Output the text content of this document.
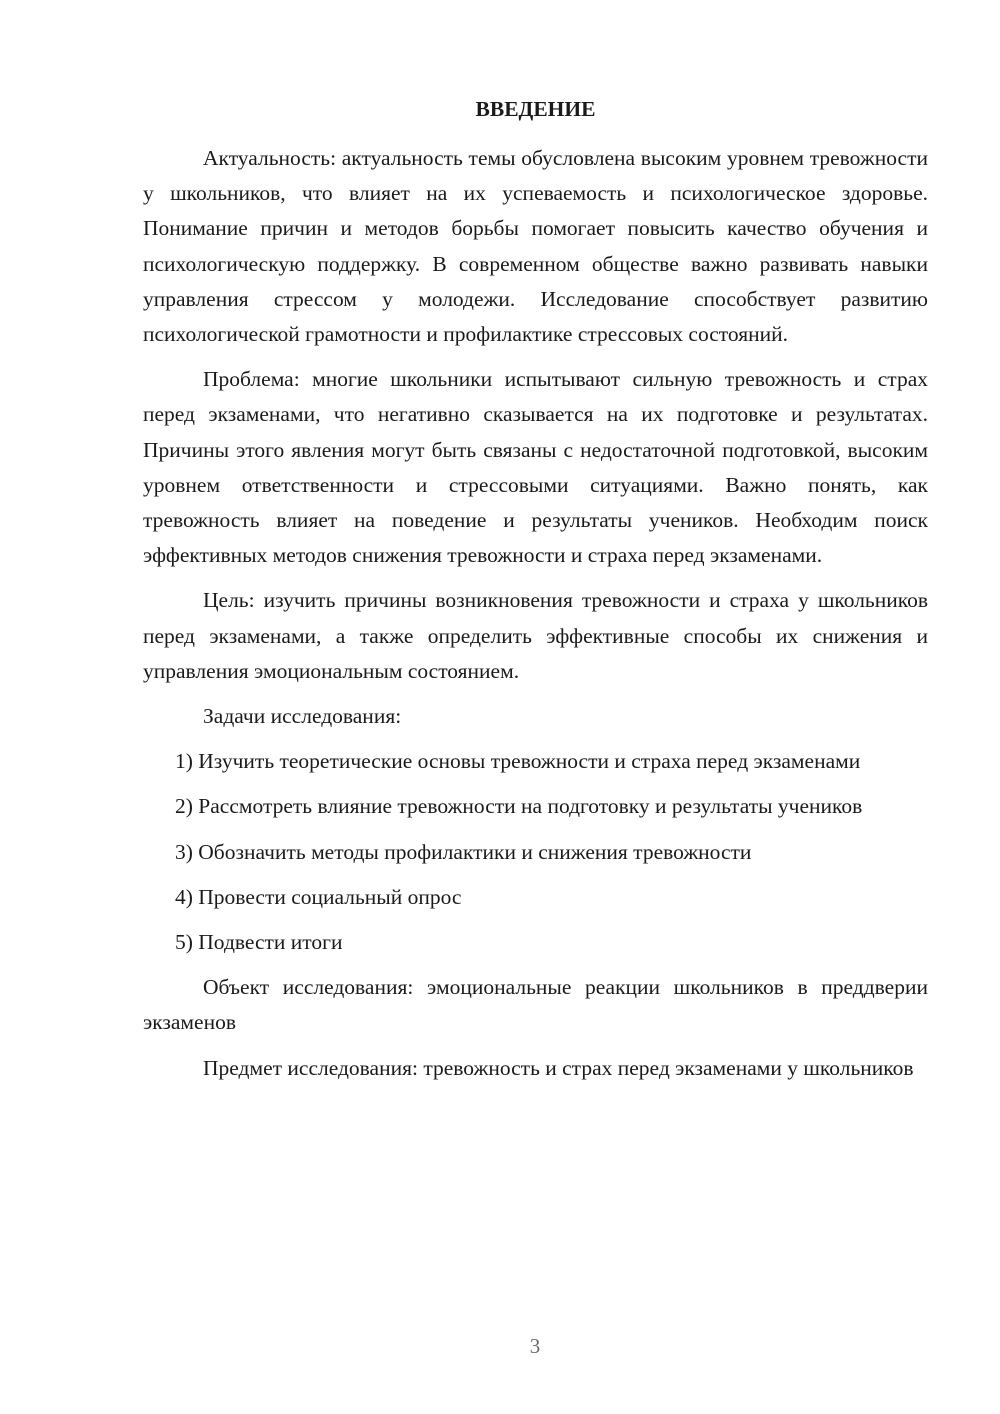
ВВЕДЕНИЕ

Актуальность: актуальность темы обусловлена высоким уровнем тревожности у школьников, что влияет на их успеваемость и психологическое здоровье. Понимание причин и методов борьбы помогает повысить качество обучения и психологическую поддержку. В современном обществе важно развивать навыки управления стрессом у молодежи. Исследование способствует развитию психологической грамотности и профилактике стрессовых состояний.

Проблема: многие школьники испытывают сильную тревожность и страх перед экзаменами, что негативно сказывается на их подготовке и результатах. Причины этого явления могут быть связаны с недостаточной подготовкой, высоким уровнем ответственности и стрессовыми ситуациями. Важно понять, как тревожность влияет на поведение и результаты учеников. Необходим поиск эффективных методов снижения тревожности и страха перед экзаменами.

Цель: изучить причины возникновения тревожности и страха у школьников перед экзаменами, а также определить эффективные способы их снижения и управления эмоциональным состоянием.

Задачи исследования:

1) Изучить теоретические основы тревожности и страха перед экзаменами

2) Рассмотреть влияние тревожности на подготовку и результаты учеников

3) Обозначить методы профилактики и снижения тревожности

4) Провести социальный опрос

5) Подвести итоги

Объект исследования: эмоциональные реакции школьников в преддверии экзаменов

Предмет исследования: тревожность и страх перед экзаменами у школьников

3
